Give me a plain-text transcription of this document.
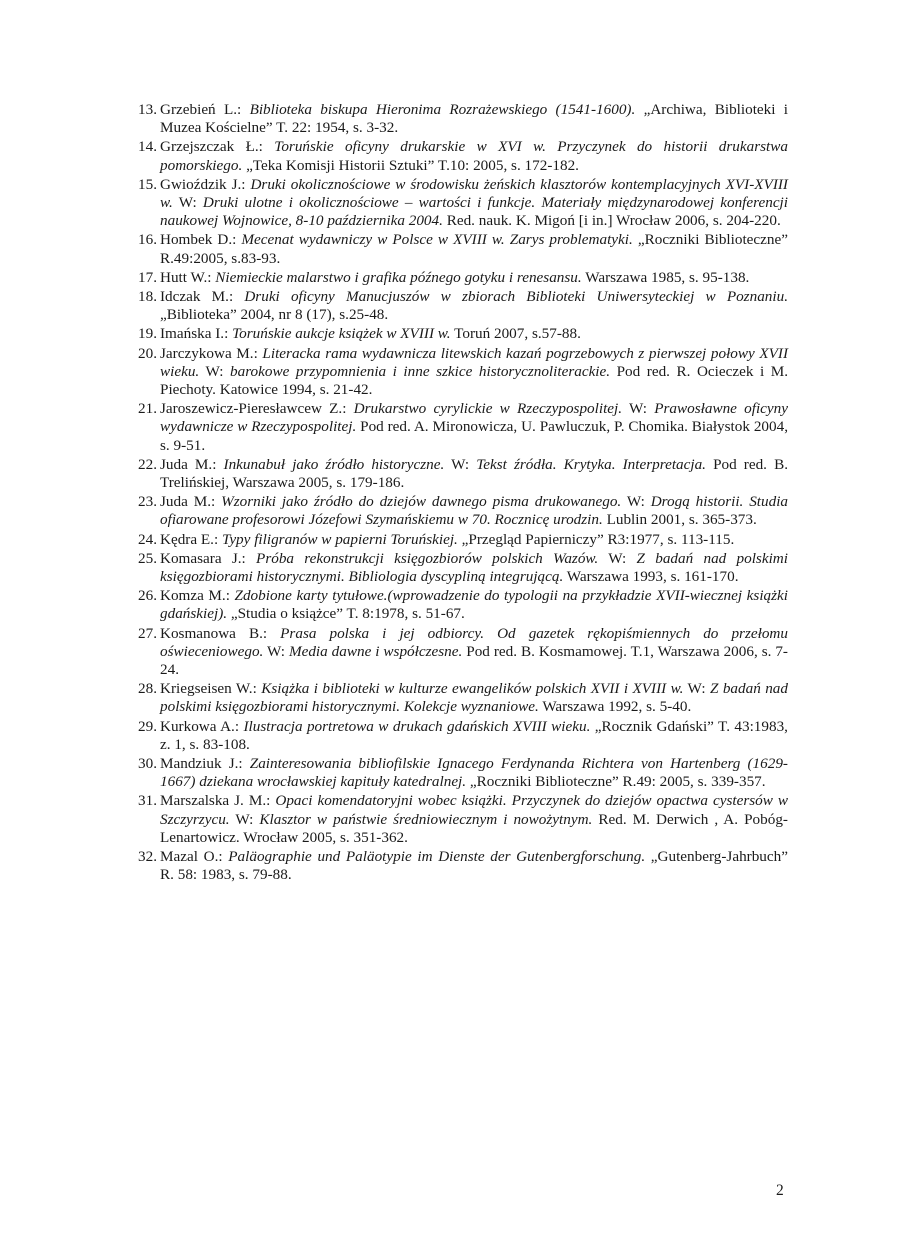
13. Grzebień L.: Biblioteka biskupa Hieronima Rozrażewskiego (1541-1600). „Archiwa, Biblioteki i Muzea Kościelne” T. 22: 1954, s. 3-32.
14. Grzejszczak Ł.: Toruńskie oficyny drukarskie w XVI w. Przyczynek do historii drukarstwa pomorskiego. „Teka Komisji Historii Sztuki” T.10: 2005, s. 172-182.
15. Gwioździk J.: Druki okolicznościowe w środowisku żeńskich klasztorów kontemplacyjnych XVI-XVIII w. W: Druki ulotne i okolicznościowe – wartości i funkcje. Materiały międzynarodowej konferencji naukowej Wojnowice, 8-10 października 2004. Red. nauk. K. Migoń [i in.] Wrocław 2006, s. 204-220.
16. Hombek D.: Mecenat wydawniczy w Polsce w XVIII w. Zarys problematyki. „Roczniki Biblioteczne” R.49:2005, s.83-93.
17. Hutt W.: Niemieckie malarstwo i grafika późnego gotyku i renesansu. Warszawa 1985, s. 95-138.
18. Idczak M.: Druki oficyny Manucjuszów w zbiorach Biblioteki Uniwersyteckiej w Poznaniu. „Biblioteka” 2004, nr 8 (17), s.25-48.
19. Imańska I.: Toruńskie aukcje książek w XVIII w. Toruń 2007, s.57-88.
20. Jarczykowa M.: Literacka rama wydawnicza litewskich kazań pogrzebowych z pierwszej połowy XVII wieku. W: barokowe przypomnienia i inne szkice historycznoliterackie. Pod red. R. Ocieczek i M. Piechoty. Katowice 1994, s. 21-42.
21. Jaroszewicz-Pieresławcew Z.: Drukarstwo cyrylickie w Rzeczypospolitej. W: Prawosławne oficyny wydawnicze w Rzeczypospolitej. Pod red. A. Mironowicza, U. Pawluczuk, P. Chomika. Białystok 2004, s. 9-51.
22. Juda M.: Inkunabuł jako źródło historyczne. W: Tekst źródła. Krytyka. Interpretacja. Pod red. B. Trelińskiej, Warszawa 2005, s. 179-186.
23. Juda M.: Wzorniki jako źródło do dziejów dawnego pisma drukowanego. W: Drogą historii. Studia ofiarowane profesorowi Józefowi Szymańskiemu w 70. Rocznicę urodzin. Lublin 2001, s. 365-373.
24. Kędra E.: Typy filigranów w papierni Toruńskiej. „Przegląd Papierniczy” R3:1977, s. 113-115.
25. Komasara J.: Próba rekonstrukcji księgozbiorów polskich Wazów. W: Z badań nad polskimi księgozbiorami historycznymi. Bibliologia dyscypliną integrującą. Warszawa 1993, s. 161-170.
26. Komza M.: Zdobione karty tytułowe.(wprowadzenie do typologii na przykładzie XVII-wiecznej książki gdańskiej). „Studia o książce” T. 8:1978, s. 51-67.
27. Kosmanowa B.: Prasa polska i jej odbiorcy. Od gazetek rękopiśmiennych do przełomu oświeceniowego. W: Media dawne i współczesne. Pod red. B. Kosmamowej. T.1, Warszawa 2006, s. 7-24.
28. Kriegseisen W.: Książka i biblioteki w kulturze ewangelików polskich XVII i XVIII w. W: Z badań nad polskimi księgozbiorami historycznymi. Kolekcje wyznaniowe. Warszawa 1992, s. 5-40.
29. Kurkowa A.: Ilustracja portretowa w drukach gdańskich XVIII wieku. „Rocznik Gdański” T. 43:1983, z. 1, s. 83-108.
30. Mandziuk J.: Zainteresowania bibliofilskie Ignacego Ferdynanda Richtera von Hartenberg (1629-1667) dziekana wrocławskiej kapituły katedralnej. „Roczniki Biblioteczne” R.49: 2005, s. 339-357.
31. Marszalska J. M.: Opaci komendatoryjni wobec książki. Przyczynek do dziejów opactwa cystersów w Szczyrzycu. W: Klasztor w państwie średniowiecznym i nowożytnym. Red. M. Derwich , A. Pobóg-Lenartowicz. Wrocław 2005, s. 351-362.
32. Mazal O.: Paläographie und Paläotypie im Dienste der Gutenbergforschung. „Gutenberg-Jahrbuch” R. 58: 1983, s. 79-88.
2
